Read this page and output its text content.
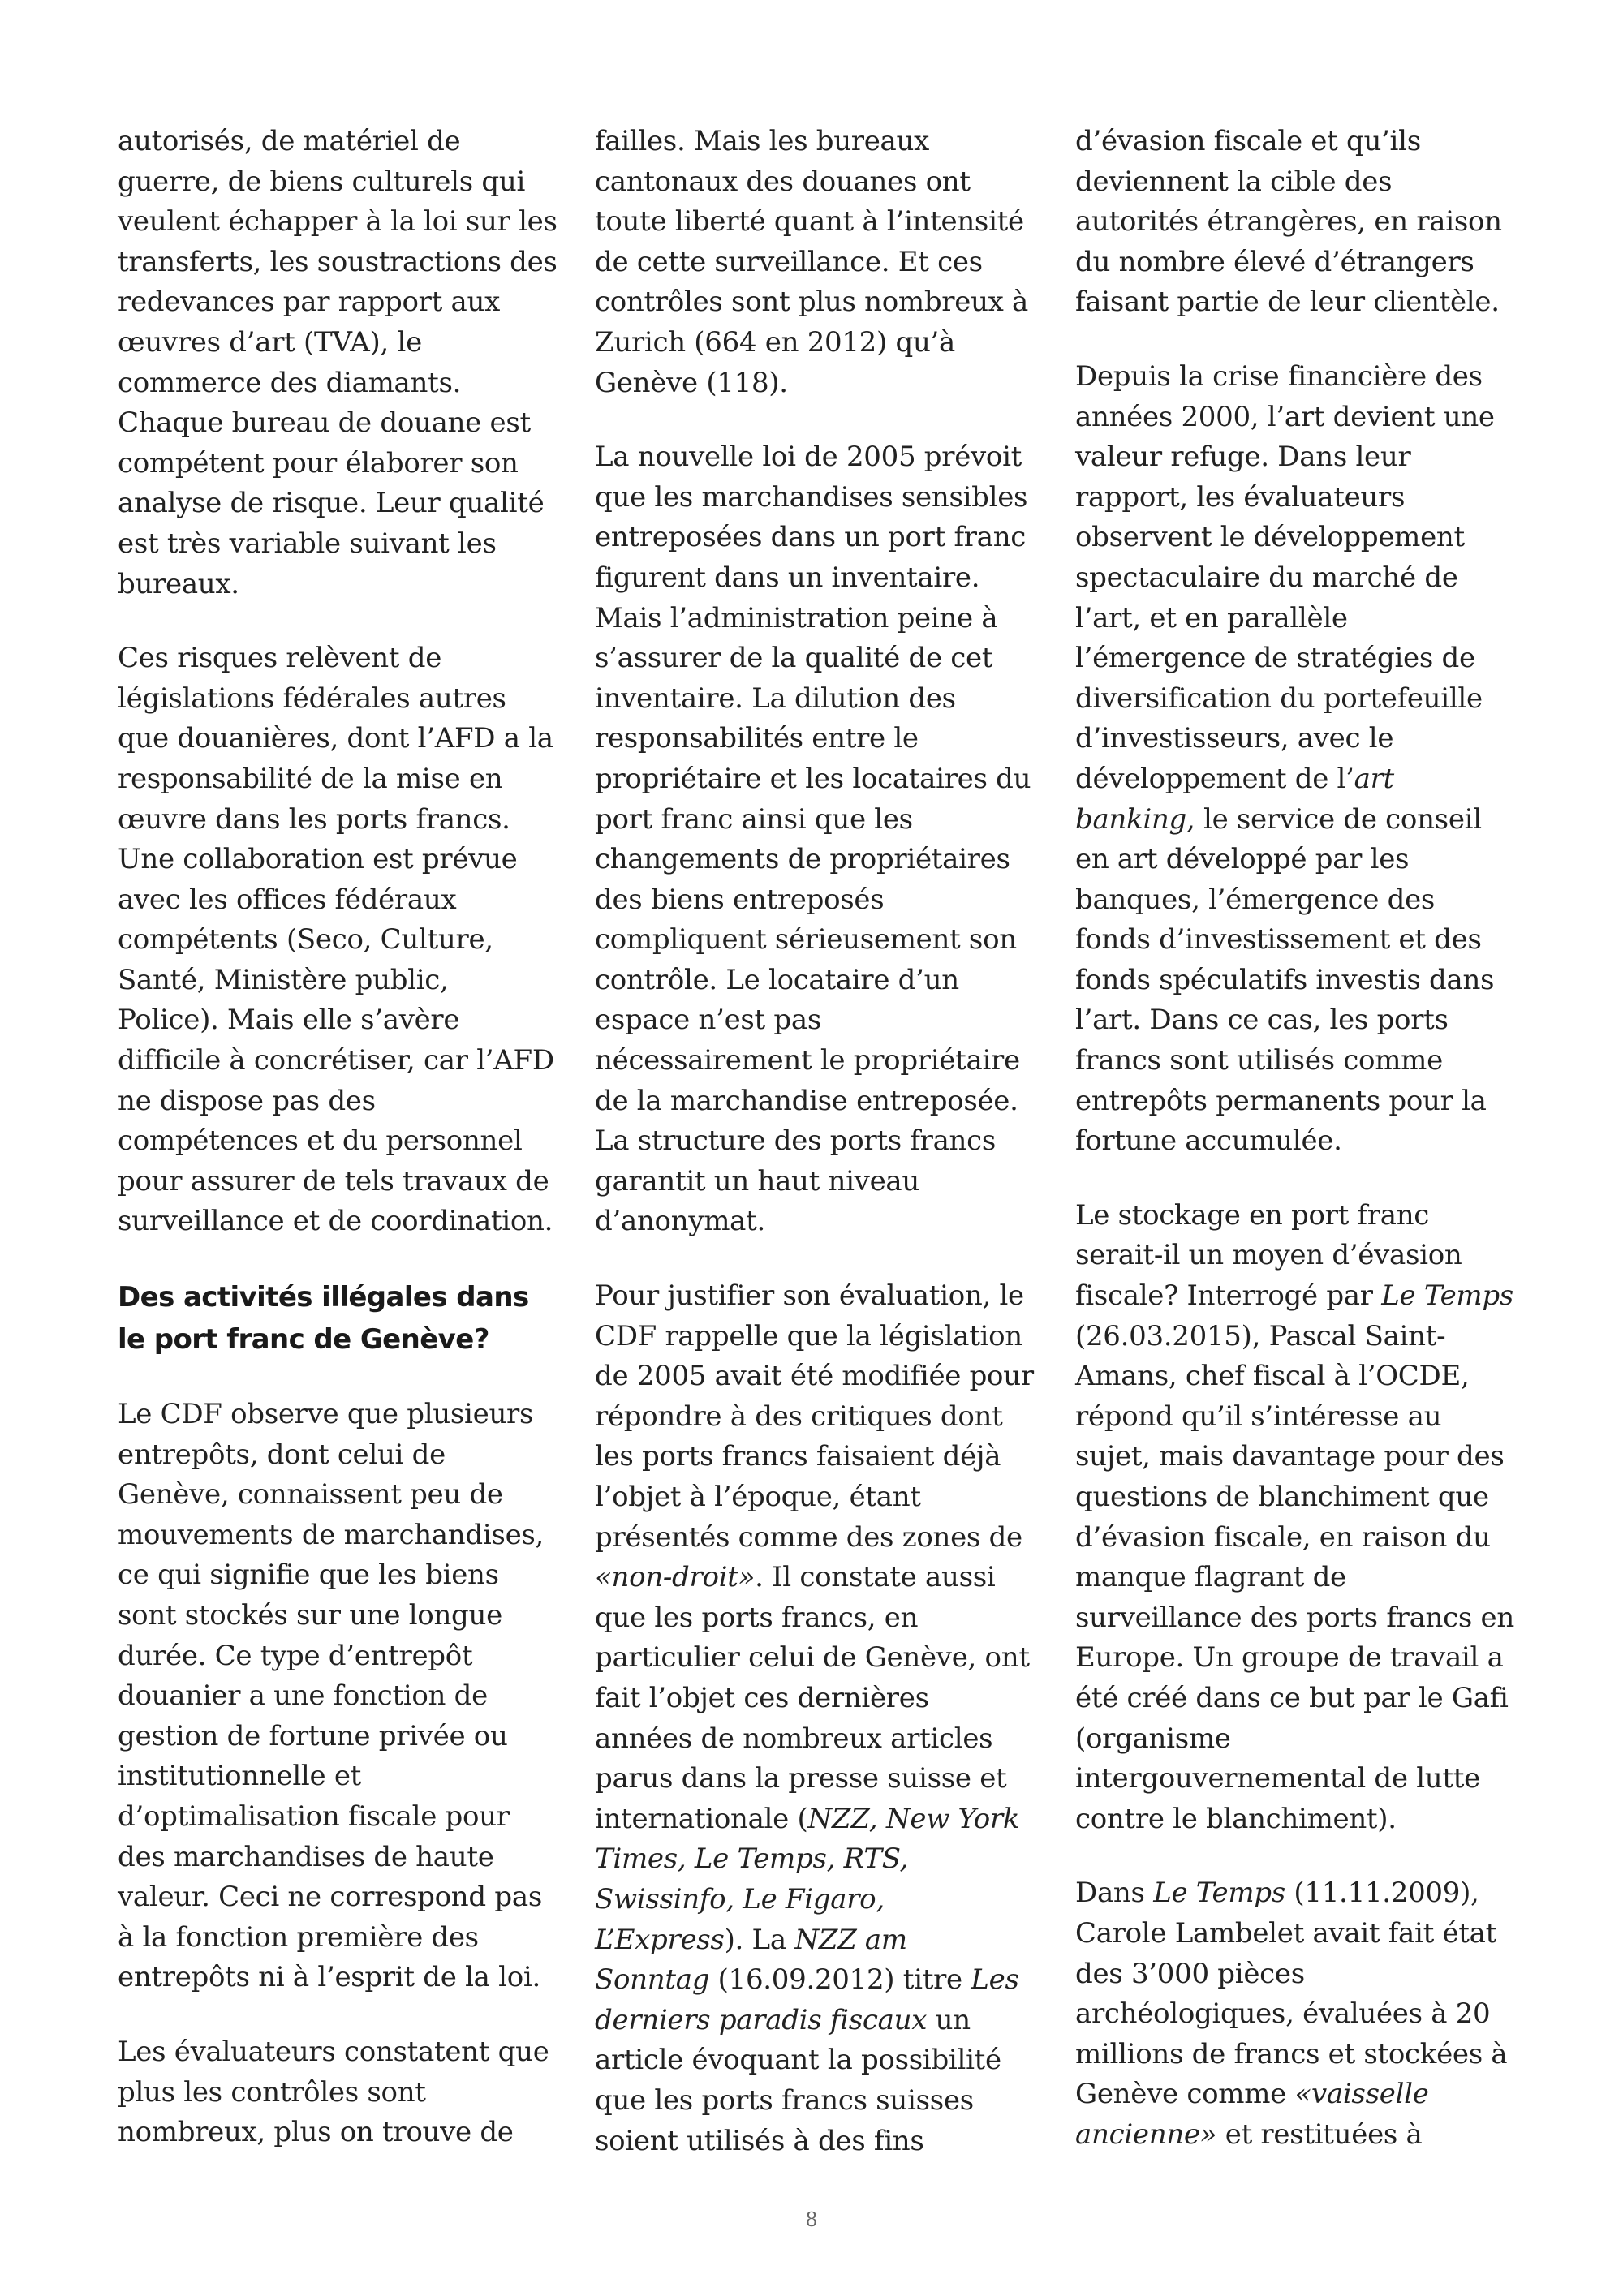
autorisés, de matériel de
guerre, de biens culturels qui
veulent échapper à la loi sur les
transferts, les soustractions des
redevances par rapport aux
œuvres d’art (TVA), le
commerce des diamants.
Chaque bureau de douane est
compétent pour élaborer son
analyse de risque. Leur qualité
est très variable suivant les
bureaux.
Ces risques relèvent de
législations fédérales autres
que douanières, dont l’AFD a la
responsabilité de la mise en
œuvre dans les ports francs.
Une collaboration est prévue
avec les offices fédéraux
compétents (Seco, Culture,
Santé, Ministère public,
Police). Mais elle s’avère
difficile à concrétiser, car l’AFD
ne dispose pas des
compétences et du personnel
pour assurer de tels travaux de
surveillance et de coordination.
Des activités illégales dans
le port franc de Genève?
Le CDF observe que plusieurs
entrepôts, dont celui de
Genève, connaissent peu de
mouvements de marchandises,
ce qui signifie que les biens
sont stockés sur une longue
durée. Ce type d’entrepôt
douanier a une fonction de
gestion de fortune privée ou
institutionnelle et
d’optimalisation fiscale pour
des marchandises de haute
valeur. Ceci ne correspond pas
à la fonction première des
entrepôts ni à l’esprit de la loi.
Les évaluateurs constatent que
plus les contrôles sont
nombreux, plus on trouve de
failles. Mais les bureaux
cantonaux des douanes ont
toute liberté quant à l’intensité
de cette surveillance. Et ces
contrôles sont plus nombreux à
Zurich (664 en 2012) qu’à
Genève (118).
La nouvelle loi de 2005 prévoit
que les marchandises sensibles
entreposées dans un port franc
figurent dans un inventaire.
Mais l’administration peine à
s’assurer de la qualité de cet
inventaire. La dilution des
responsabilités entre le
propriétaire et les locataires du
port franc ainsi que les
changements de propriétaires
des biens entreposés
compliquent sérieusement son
contrôle. Le locataire d’un
espace n’est pas
nécessairement le propriétaire
de la marchandise entreposée.
La structure des ports francs
garantit un haut niveau
d’anonymat.
Pour justifier son évaluation, le
CDF rappelle que la législation
de 2005 avait été modifiée pour
répondre à des critiques dont
les ports francs faisaient déjà
l’objet à l’époque, étant
présentés comme des zones de
«non-droit». Il constate aussi
que les ports francs, en
particulier celui de Genève, ont
fait l’objet ces dernières
années de nombreux articles
parus dans la presse suisse et
internationale (NZZ, New York
Times, Le Temps, RTS,
Swissinfo, Le Figaro,
L’Express). La NZZ am
Sonntag (16.09.2012) titre Les
derniers paradis fiscaux un
article évoquant la possibilité
que les ports francs suisses
soient utilisés à des fins
d’évasion fiscale et qu’ils
deviennent la cible des
autorités étrangères, en raison
du nombre élevé d’étrangers
faisant partie de leur clientèle.
Depuis la crise financière des
années 2000, l’art devient une
valeur refuge. Dans leur
rapport, les évaluateurs
observent le développement
spectaculaire du marché de
l’art, et en parallèle
l’émergence de stratégies de
diversification du portefeuille
d’investisseurs, avec le
développement de l’art
banking, le service de conseil
en art développé par les
banques, l’émergence des
fonds d’investissement et des
fonds spéculatifs investis dans
l’art. Dans ce cas, les ports
francs sont utilisés comme
entrepôts permanents pour la
fortune accumulée.
Le stockage en port franc
serait-il un moyen d’évasion
fiscale? Interrogé par Le Temps
(26.03.2015), Pascal Saint-
Amans, chef fiscal à l’OCDE,
répond qu’il s’intéresse au
sujet, mais davantage pour des
questions de blanchiment que
d’évasion fiscale, en raison du
manque flagrant de
surveillance des ports francs en
Europe. Un groupe de travail a
été créé dans ce but par le Gafi
(organisme
intergouvernemental de lutte
contre le blanchiment).
Dans Le Temps (11.11.2009),
Carole Lambelet avait fait état
des 3’000 pièces
archéologiques, évaluées à 20
millions de francs et stockées à
Genève comme «vaisselle
ancienne» et restituées à
8
